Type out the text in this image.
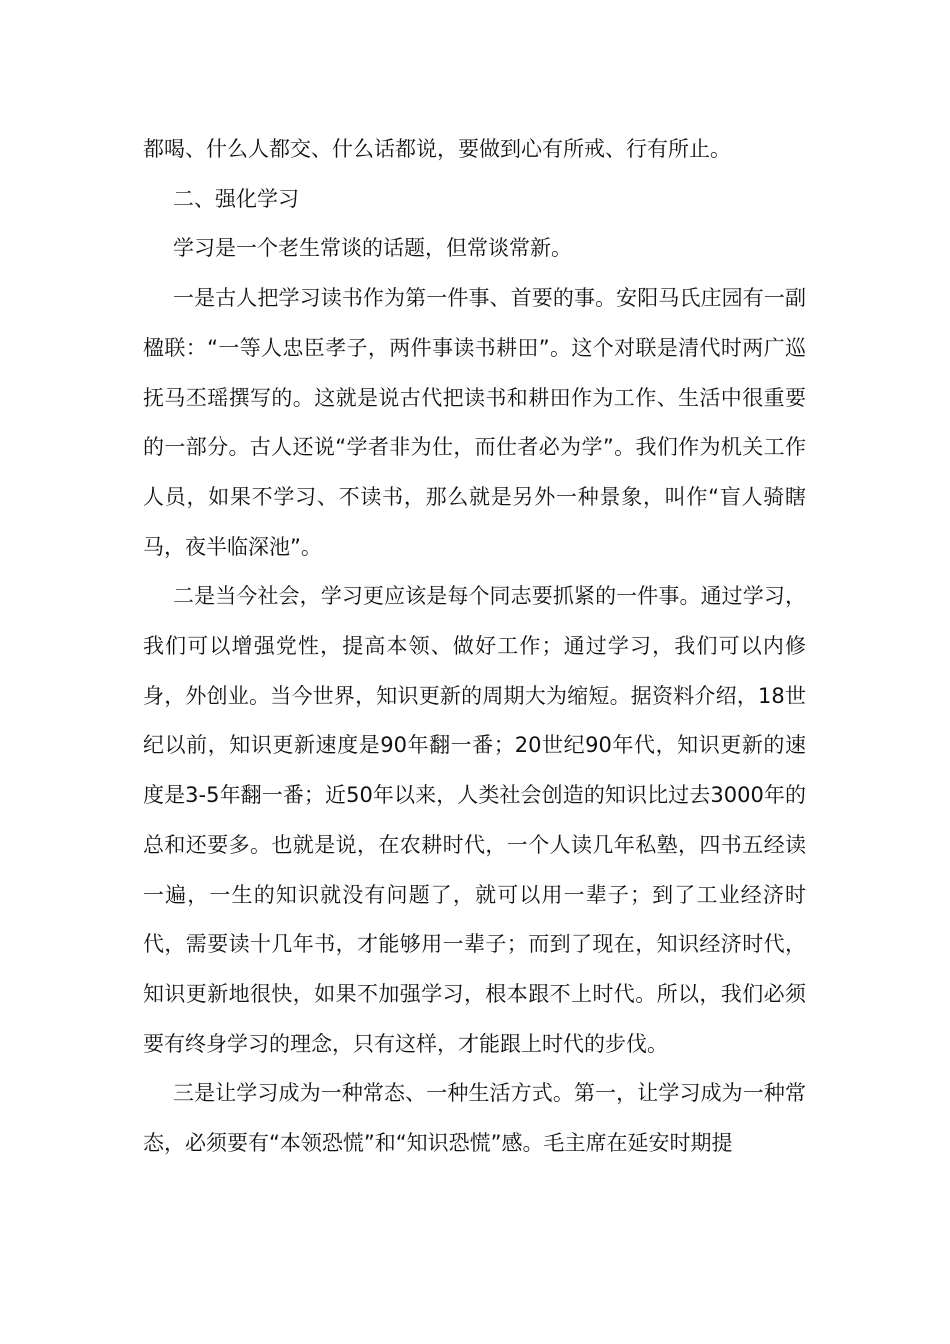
都喝、什么人都交、什么话都说，要做到心有所戒、行有所止。

二、强化学习

学习是一个老生常谈的话题，但常谈常新。

一是古人把学习读书作为第一件事、首要的事。安阳马氏庄园有一副楹联：“一等人忠臣孝子，两件事读书耕田”。这个对联是清代时两广巡抚马丕瑶撰写的。这就是说古代把读书和耕田作为工作、生活中很重要的一部分。古人还说“学者非为仕，而仕者必为学”。我们作为机关工作人员，如果不学习、不读书，那么就是另外一种景象，叫作“盲人骑瞎马，夜半临深池”。

二是当今社会，学习更应该是每个同志要抓紧的一件事。通过学习，我们可以增强党性，提高本领、做好工作；通过学习，我们可以内修身，外创业。当今世界，知识更新的周期大为缩短。据资料介绍，18世纪以前，知识更新速度是90年翻一番；20世纪90年代，知识更新的速度是3-5年翻一番；近50年以来，人类社会创造的知识比过去3000年的总和还要多。也就是说，在农耕时代，一个人读几年私塾，四书五经读一遍，一生的知识就没有问题了，就可以用一辈子；到了工业经济时代，需要读十几年书，才能够用一辈子；而到了现在，知识经济时代，知识更新地很快，如果不加强学习，根本跟不上时代。所以，我们必须要有终身学习的理念，只有这样，才能跟上时代的步伐。

三是让学习成为一种常态、一种生活方式。第一，让学习成为一种常态，必须要有“本领恐慌”和“知识恐慌”感。毛主席在延安时期提
